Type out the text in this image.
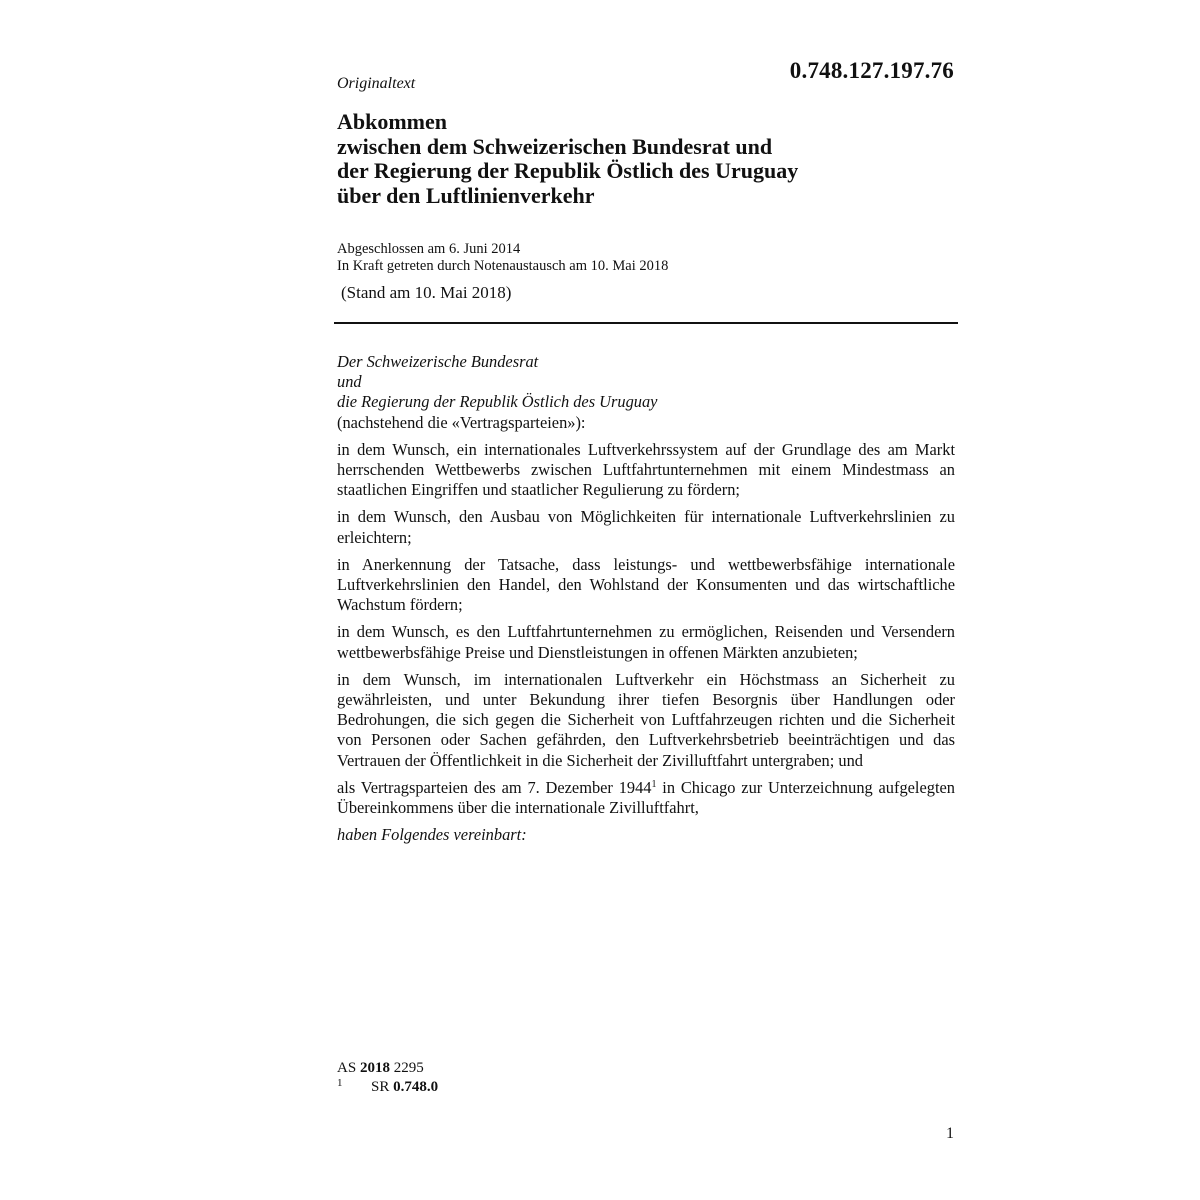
0.748.127.197.76
Originaltext
Abkommen
zwischen dem Schweizerischen Bundesrat und
der Regierung der Republik Östlich des Uruguay
über den Luftlinienverkehr
Abgeschlossen am 6. Juni 2014
In Kraft getreten durch Notenaustausch am 10. Mai 2018
(Stand am 10. Mai 2018)
Der Schweizerische Bundesrat
und
die Regierung der Republik Östlich des Uruguay
(nachstehend die «Vertragsparteien»):

in dem Wunsch, ein internationales Luftverkehrssystem auf der Grundlage des am Markt herrschenden Wettbewerbs zwischen Luftfahrtunternehmen mit einem Mindestmass an staatlichen Eingriffen und staatlicher Regulierung zu fördern;

in dem Wunsch, den Ausbau von Möglichkeiten für internationale Luftverkehrslinien zu erleichtern;

in Anerkennung der Tatsache, dass leistungs- und wettbewerbsfähige internationale Luftverkehrslinien den Handel, den Wohlstand der Konsumenten und das wirtschaftliche Wachstum fördern;

in dem Wunsch, es den Luftfahrtunternehmen zu ermöglichen, Reisenden und Versendern wettbewerbsfähige Preise und Dienstleistungen in offenen Märkten anzubieten;

in dem Wunsch, im internationalen Luftverkehr ein Höchstmass an Sicherheit zu gewährleisten, und unter Bekundung ihrer tiefen Besorgnis über Handlungen oder Bedrohungen, die sich gegen die Sicherheit von Luftfahrzeugen richten und die Sicherheit von Personen oder Sachen gefährden, den Luftverkehrsbetrieb beeinträchtigen und das Vertrauen der Öffentlichkeit in die Sicherheit der Zivilluftfahrt untergraben; und

als Vertragsparteien des am 7. Dezember 1944$^1$ in Chicago zur Unterzeichnung aufgelegten Übereinkommens über die internationale Zivilluftfahrt,

haben Folgendes vereinbart:
AS 2018 2295
1	SR 0.748.0
1
